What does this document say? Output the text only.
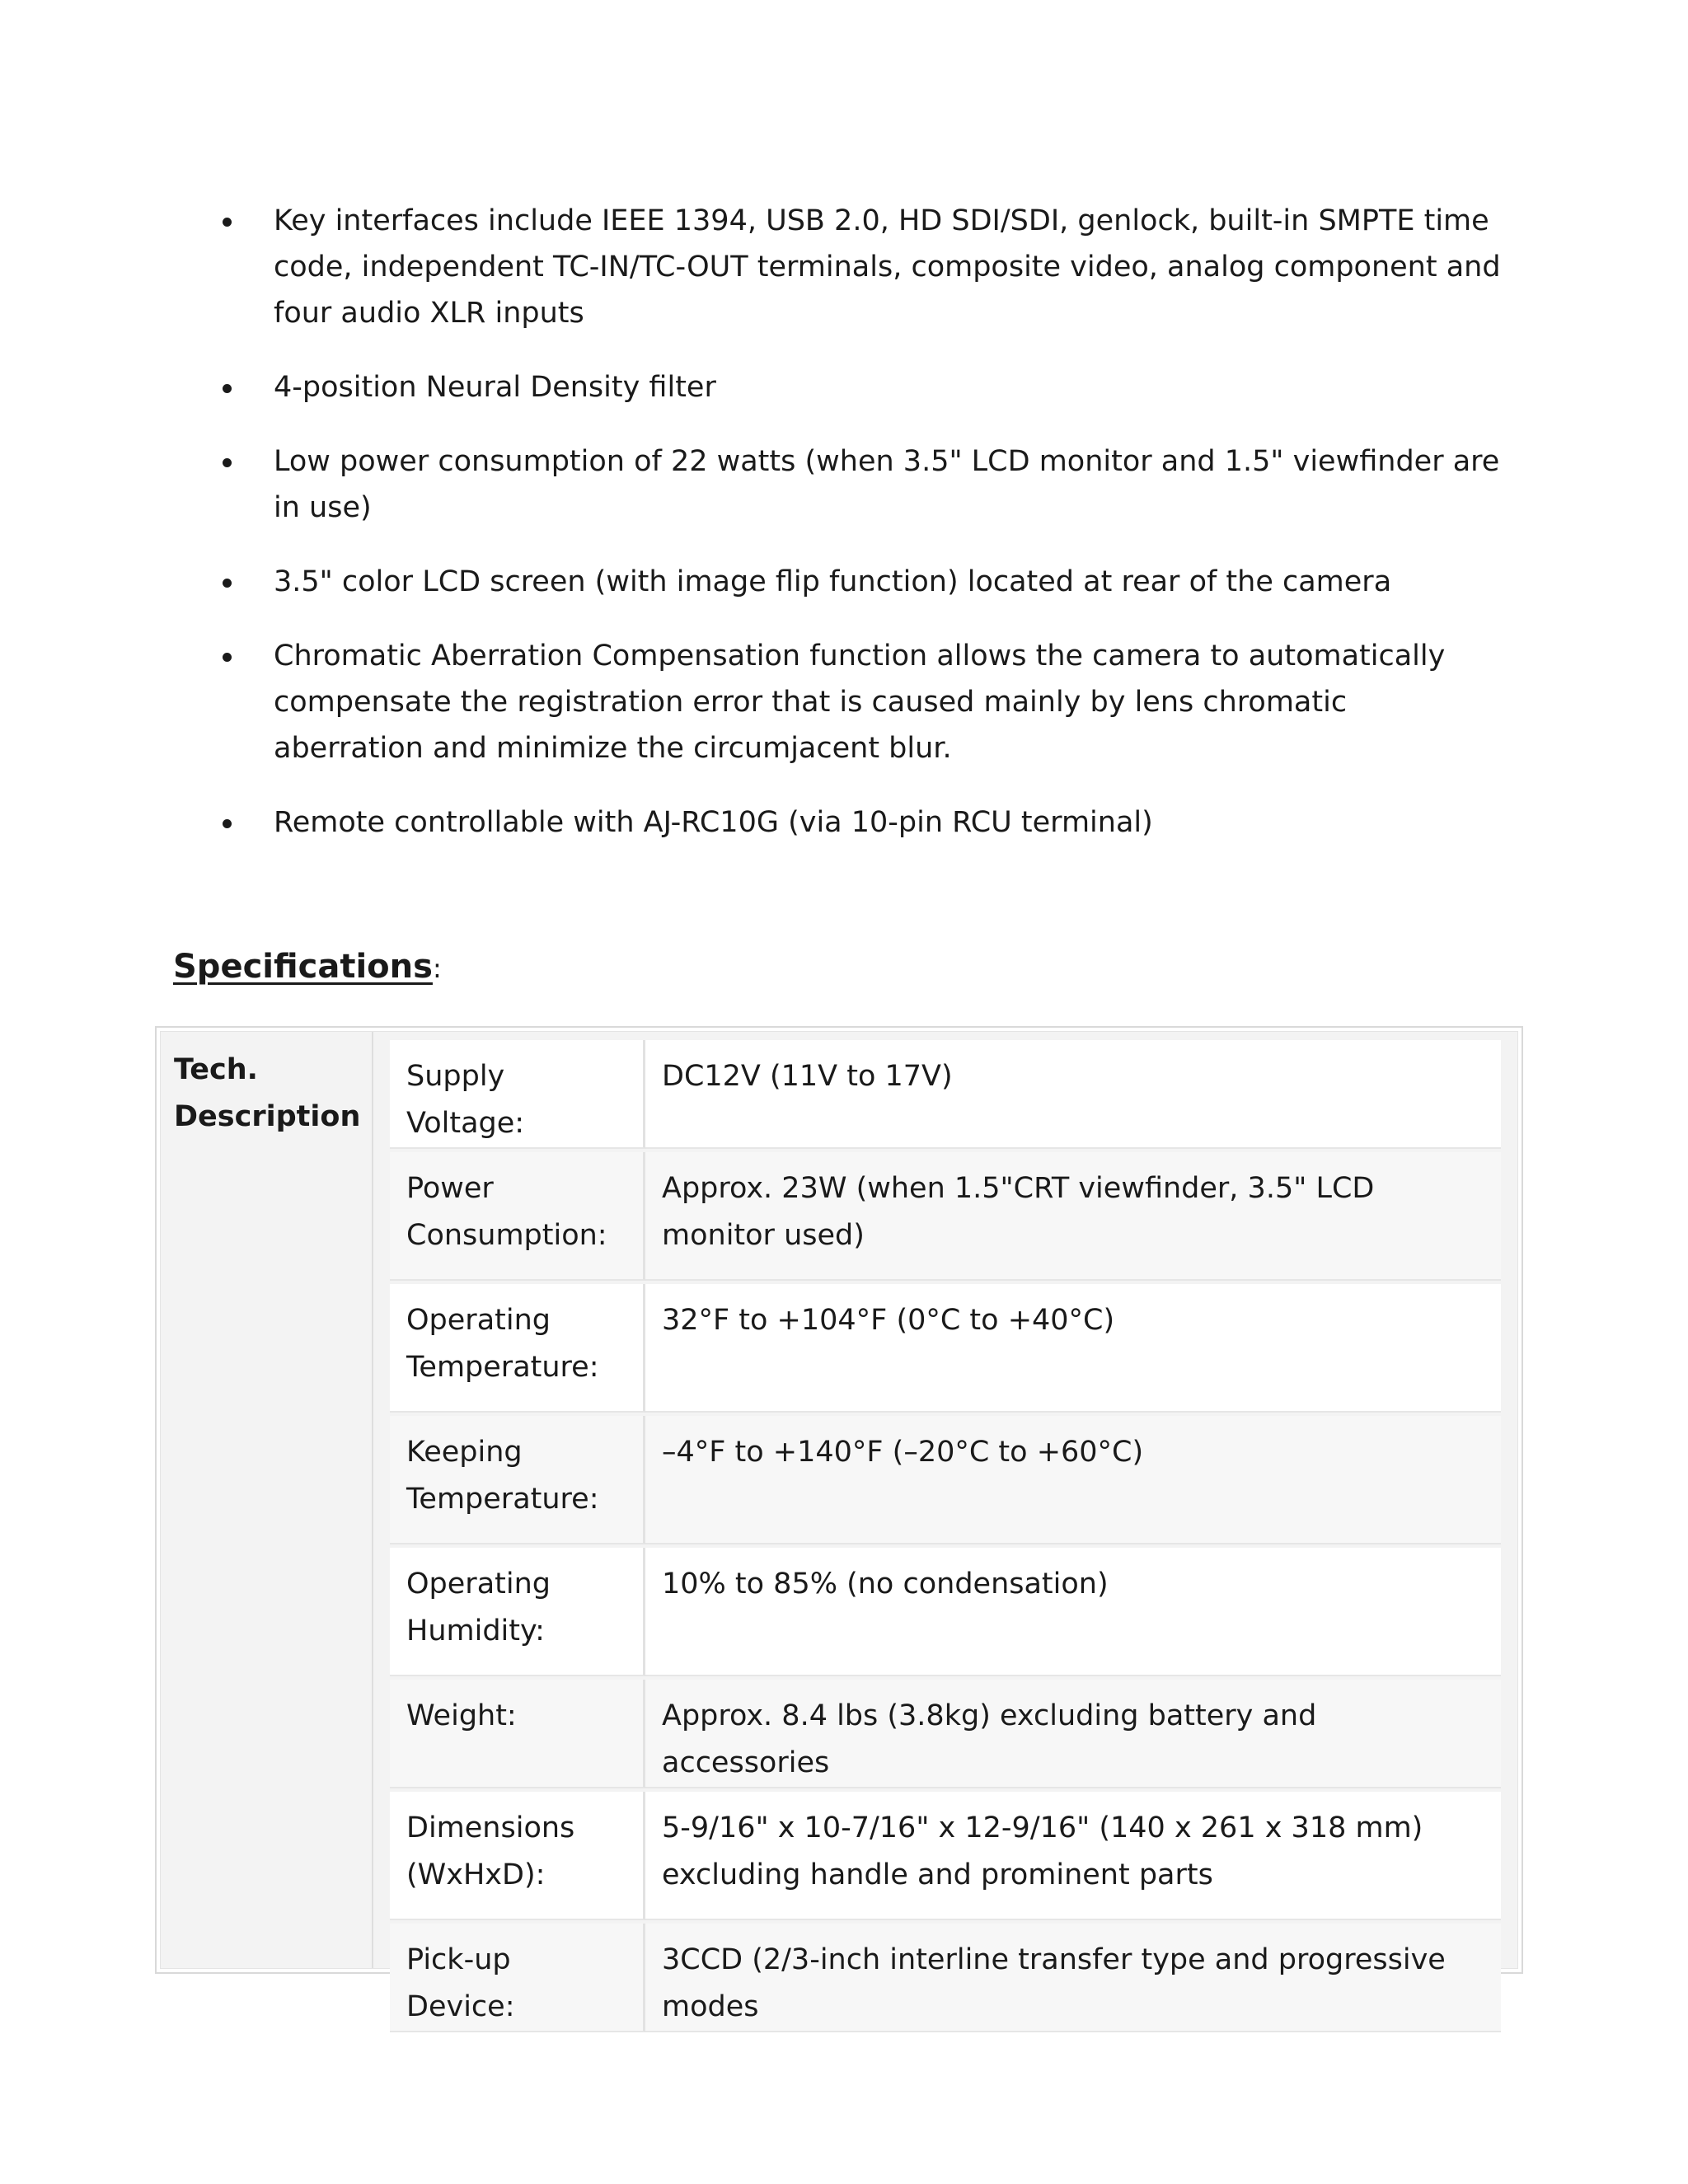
Key interfaces include IEEE 1394, USB 2.0, HD SDI/SDI, genlock, built-in SMPTE time code, independent TC-IN/TC-OUT terminals, composite video, analog component and four audio XLR inputs
4-position Neural Density filter
Low power consumption of 22 watts (when 3.5" LCD monitor and 1.5" viewfinder are in use)
3.5" color LCD screen (with image flip function) located at rear of the camera
Chromatic Aberration Compensation function allows the camera to automatically compensate the registration error that is caused mainly by lens chromatic aberration and minimize the circumjacent blur.
Remote controllable with AJ-RC10G (via 10-pin RCU terminal)
Specifications:
Tech.
Description
Supply Voltage:	DC12V (11V to 17V)
Power Consumption:	Approx. 23W (when 1.5"CRT viewfinder, 3.5" LCD monitor used)
Operating Temperature:	32°F to +104°F (0°C to +40°C)
Keeping Temperature:	–4°F to +140°F (–20°C to +60°C)
Operating Humidity:	10% to 85% (no condensation)
Weight:	Approx. 8.4 lbs (3.8kg) excluding battery and accessories
Dimensions (WxHxD):	5-9/16" x 10-7/16" x 12-9/16" (140 x 261 x 318 mm) excluding handle and prominent parts
Pick-up Device:	3CCD (2/3-inch interline transfer type and progressive modes
